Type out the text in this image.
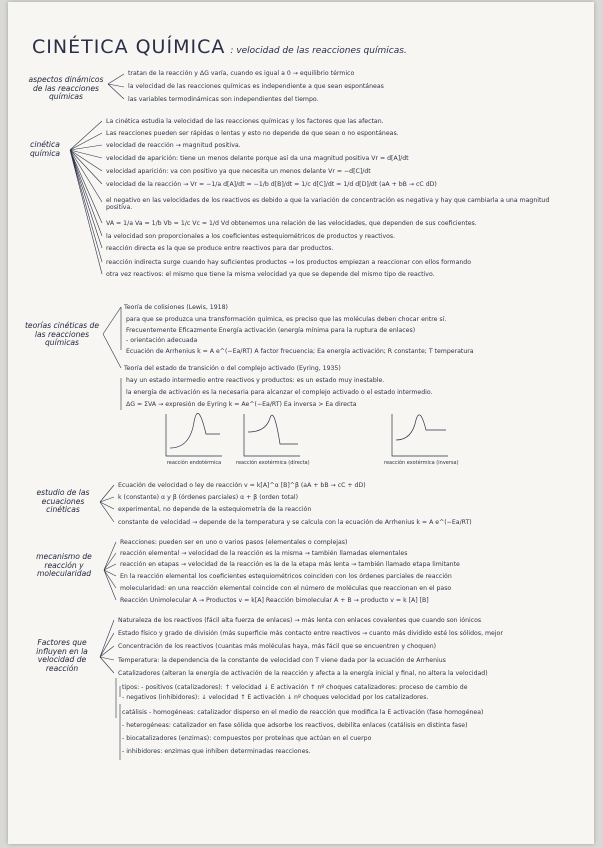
CINÉTICA QUÍMICA : velocidad de las reacciones químicas.
aspectos dinámicos de las reacciones químicas
tratan de la reacción y ΔG varía, cuando es igual a 0 → equilibrio térmico
la velocidad de las reacciones químicas es independiente a que sean espontáneas
las variables termodinámicas son independientes del tiempo.
cinética química
La cinética estudia la velocidad de las reacciones químicas y los factores que las afectan.
Las reacciones pueden ser rápidas o lentas y esto no depende de que sean o no espontáneas.
velocidad de reacción → magnitud positiva.
velocidad de aparición: tiene un menos delante porque así da una magnitud positiva Vr = d[A]/dt
velocidad aparición: va con positivo ya que necesita un menos delante Vr = −d[C]/dt
velocidad de la reacción → Vr = −1/a d[A]/dt = −1/b d[B]/dt = 1/c d[C]/dt = 1/d d[D]/dt (aA + bB → cC dD)
el negativo en las velocidades de los reactivos es debido a que la variación de concentración es negativa y hay que cambiarla a una magnitud positiva.
VA = 1/a Va = 1/b Vb = 1/c Vc = 1/d Vd obtenemos una relación de las velocidades, que dependen de sus coeficientes.
la velocidad son proporcionales a los coeficientes estequiométricos de productos y reactivos.
reacción directa es la que se produce entre reactivos para dar productos.
reacción indirecta surge cuando hay suficientes productos → los productos empiezan a reaccionar con ellos formando
otra vez reactivos: el mismo que tiene la misma velocidad ya que se depende del mismo tipo de reactivo.
teorías cinéticas de las reacciones químicas
Teoría de colisiones (Lewis, 1918)
para que se produzca una transformación química, es preciso que las moléculas deben chocar entre sí.
Frecuentemente Eficazmente Energía activación (energía mínima para la ruptura de enlaces)
- orientación adecuada
Ecuación de Arrhenius k = A e^(−Ea/RT) A factor frecuencia; Ea energía activación; R constante; T temperatura
Teoría del estado de transición o del complejo activado (Eyring, 1935)
hay un estado intermedio entre reactivos y productos: es un estado muy inestable.
la energía de activación es la necesaria para alcanzar el complejo activado o el estado intermedio.
ΔG = ΣVA → expresión de Eyring k = Ae^(−Ea/RT) Ea inversa > Ea directa
reacción endotérmica	reacción exotérmica (directa)	reacción exotérmica (inversa)
estudio de las ecuaciones cinéticas
Ecuación de velocidad o ley de reacción v = k[A]^α [B]^β (aA + bB → cC + dD)
k (constante) α y β (órdenes parciales) α + β (orden total)
experimental, no depende de la estequiometría de la reacción
constante de velocidad → depende de la temperatura y se calcula con la ecuación de Arrhenius k = A e^(−Ea/RT)
mecanismo de reacción y molecularidad
Reacciones: pueden ser en uno o varios pasos (elementales o complejas)
reacción elemental → velocidad de la reacción es la misma → también llamadas elementales
reacción en etapas → velocidad de la reacción es la de la etapa más lenta → también llamado etapa limitante
En la reacción elemental los coeficientes estequiométricos coinciden con los órdenes parciales de reacción
molecularidad: en una reacción elemental coincide con el número de moléculas que reaccionan en el paso
Reacción Unimolecular A → Productos v = k[A] Reacción bimolecular A + B → producto v = k [A] [B]
Factores que influyen en la velocidad de reacción
Naturaleza de los reactivos (fácil alta fuerza de enlaces) → más lenta con enlaces covalentes que cuando son iónicos
Estado físico y grado de división (más superficie más contacto entre reactivos → cuanto más dividido esté los sólidos, mejor
Concentración de los reactivos (cuantas más moléculas haya, más fácil que se encuentren y choquen)
Temperatura: la dependencia de la constante de velocidad con T viene dada por la ecuación de Arrhenius
Catalizadores (alteran la energía de activación de la reacción y afecta a la energía inicial y final, no altera la velocidad)
tipos: - positivos (catalizadores): ↑ velocidad ↓ E activación ↑ nº choques catalizadores: proceso de cambio de
- negativos (inhibidores): ↓ velocidad ↑ E activación ↓ nº choques velocidad por los catalizadores.
catálisis - homogéneas: catalizador disperso en el medio de reacción que modifica la E activación (fase homogénea)
- heterogéneas: catalizador en fase sólida que adsorbe los reactivos, debilita enlaces (catálisis en distinta fase)
- biocatalizadores (enzimas): compuestos por proteínas que actúan en el cuerpo
- inhibidores: enzimas que inhiben determinadas reacciones.
